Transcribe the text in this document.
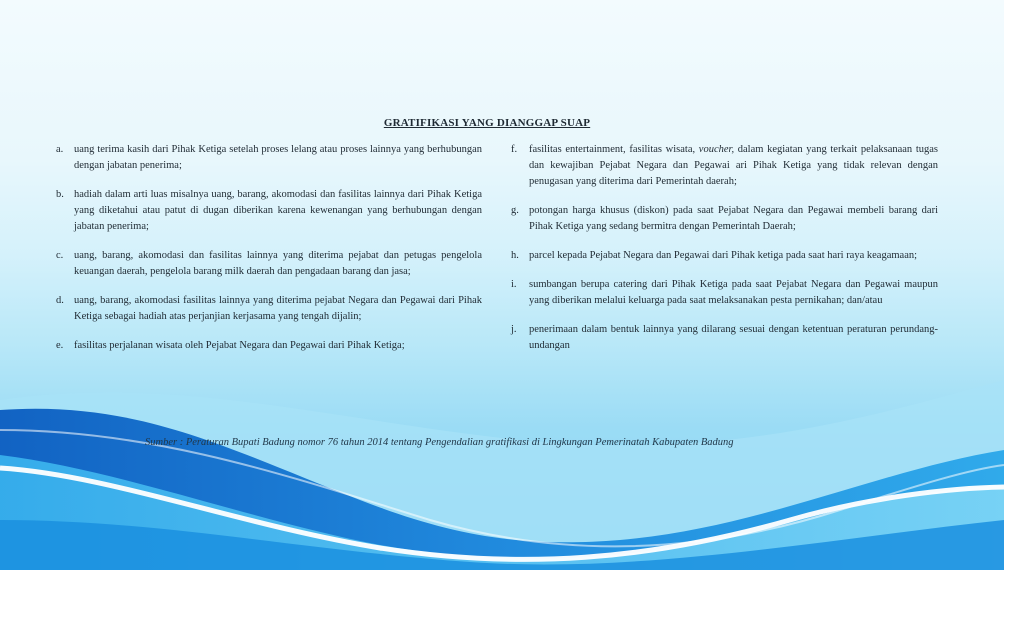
GRATIFIKASI YANG DIANGGAP SUAP
a. uang terima kasih dari Pihak Ketiga setelah proses lelang atau proses lainnya yang berhubungan dengan jabatan penerima;
b. hadiah dalam arti luas misalnya uang, barang, akomodasi dan fasilitas lainnya dari Pihak Ketiga yang diketahui atau patut di dugan diberikan karena kewenangan yang berhubungan dengan jabatan penerima;
c. uang, barang, akomodasi dan fasilitas lainnya yang diterima pejabat dan petugas pengelola keuangan daerah, pengelola barang milk daerah dan pengadaan barang dan jasa;
d. uang, barang, akomodasi fasilitas lainnya yang diterima pejabat Negara dan Pegawai dari Pihak Ketiga sebagai hadiah atas perjanjian kerjasama yang tengah dijalin;
e. fasilitas perjalanan wisata oleh Pejabat Negara dan Pegawai dari Pihak Ketiga;
f. fasilitas entertainment, fasilitas wisata, voucher, dalam kegiatan yang terkait pelaksanaan tugas dan kewajiban Pejabat Negara dan Pegawai ari Pihak Ketiga yang tidak relevan dengan penugasan yang diterima dari Pemerintah daerah;
g. potongan harga khusus (diskon) pada saat Pejabat Negara dan Pegawai membeli barang dari Pihak Ketiga yang sedang bermitra dengan Pemerintah Daerah;
h. parcel kepada Pejabat Negara dan Pegawai dari Pihak ketiga pada saat hari raya keagamaan;
i. sumbangan berupa catering dari Pihak Ketiga pada saat Pejabat Negara dan Pegawai maupun yang diberikan melalui keluarga pada saat melaksanakan pesta pernikahan; dan/atau
j. penerimaan dalam bentuk lainnya yang dilarang sesuai dengan ketentuan peraturan perundang-undangan
Sumber : Peraturan Bupati Badung nomor 76 tahun 2014 tentang Pengendalian gratifikasi di Lingkungan Pemerinatah Kabupaten Badung
